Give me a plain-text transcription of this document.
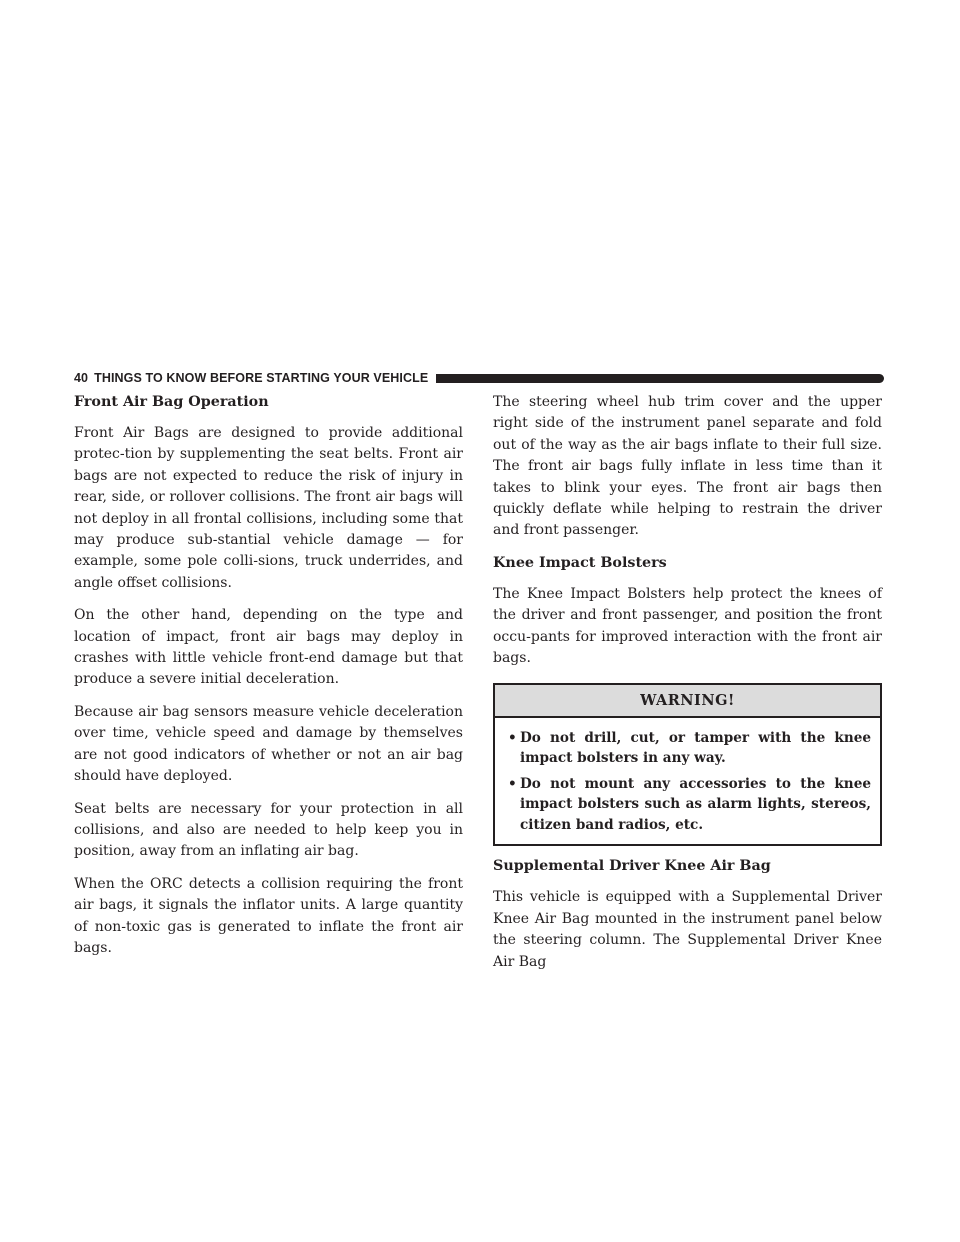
40 THINGS TO KNOW BEFORE STARTING YOUR VEHICLE
Front Air Bag Operation

Front Air Bags are designed to provide additional protec-tion by supplementing the seat belts. Front air bags are not expected to reduce the risk of injury in rear, side, or rollover collisions. The front air bags will not deploy in all frontal collisions, including some that may produce sub-stantial vehicle damage — for example, some pole colli-sions, truck underrides, and angle offset collisions.

On the other hand, depending on the type and location of impact, front air bags may deploy in crashes with little vehicle front-end damage but that produce a severe initial deceleration.

Because air bag sensors measure vehicle deceleration over time, vehicle speed and damage by themselves are not good indicators of whether or not an air bag should have deployed.

Seat belts are necessary for your protection in all collisions, and also are needed to help keep you in position, away from an inflating air bag.

When the ORC detects a collision requiring the front air bags, it signals the inflator units. A large quantity of non-toxic gas is generated to inflate the front air bags.

The steering wheel hub trim cover and the upper right side of the instrument panel separate and fold out of the way as the air bags inflate to their full size. The front air bags fully inflate in less time than it takes to blink your eyes. The front air bags then quickly deflate while helping to restrain the driver and front passenger.

Knee Impact Bolsters

The Knee Impact Bolsters help protect the knees of the driver and front passenger, and position the front occu-pants for improved interaction with the front air bags.

WARNING!
• Do not drill, cut, or tamper with the knee impact bolsters in any way.
• Do not mount any accessories to the knee impact bolsters such as alarm lights, stereos, citizen band radios, etc.
Supplemental Driver Knee Air Bag

This vehicle is equipped with a Supplemental Driver Knee Air Bag mounted in the instrument panel below the steering column. The Supplemental Driver Knee Air Bag
